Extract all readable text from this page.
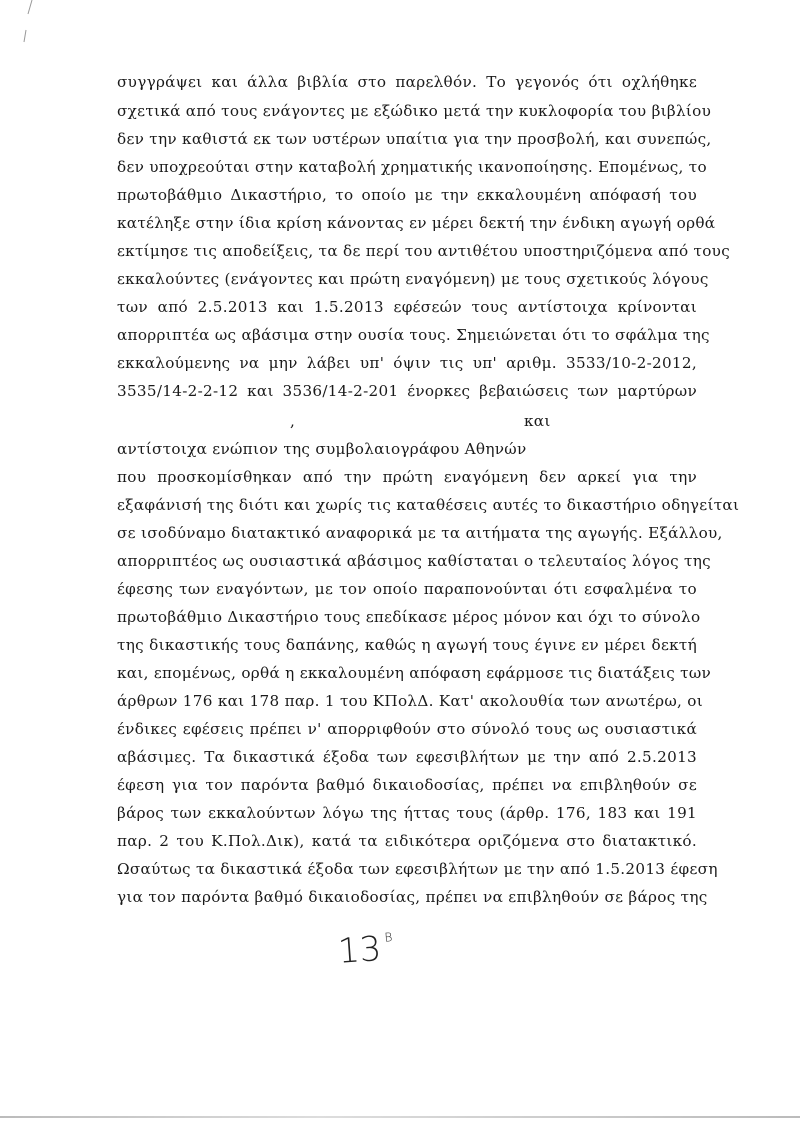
συγγράψει και άλλα βιβλία στο παρελθόν. Το γεγονός ότι οχλήθηκε
σχετικά από τους ενάγοντες με εξώδικο μετά την κυκλοφορία του βιβλίου
δεν την καθιστά εκ των υστέρων υπαίτια για την προσβολή, και συνεπώς,
δεν υποχρεούται στην καταβολή χρηματικής ικανοποίησης. Επομένως, το
πρωτοβάθμιο Δικαστήριο, το οποίο με την εκκαλουμένη απόφασή του
κατέληξε στην ίδια κρίση κάνοντας εν μέρει δεκτή την ένδικη αγωγή ορθά
εκτίμησε τις αποδείξεις, τα δε περί του αντιθέτου υποστηριζόμενα από τους
εκκαλούντες (ενάγοντες και πρώτη εναγόμενη) με τους σχετικούς λόγους
των από 2.5.2013 και 1.5.2013 εφέσεών τους αντίστοιχα κρίνονται
απορριπτέα ως αβάσιμα στην ουσία τους. Σημειώνεται ότι το σφάλμα της
εκκαλούμενης να μην λάβει υπ' όψιν τις υπ' αριθμ. 3533/10-2-2012,
3535/14-2-2-12 και 3536/14-2-201 ένορκες βεβαιώσεις των μαρτύρων
,	και
αντίστοιχα ενώπιον της συμβολαιογράφου Αθηνών
που προσκομίσθηκαν από την πρώτη εναγόμενη δεν αρκεί για την
εξαφάνισή της διότι και χωρίς τις καταθέσεις αυτές το δικαστήριο οδηγείται
σε ισοδύναμο διατακτικό αναφορικά με τα αιτήματα της αγωγής. Εξάλλου,
απορριπτέος ως ουσιαστικά αβάσιμος καθίσταται ο τελευταίος λόγος της
έφεσης των εναγόντων, με τον οποίο παραπονούνται ότι εσφαλμένα το
πρωτοβάθμιο Δικαστήριο τους επεδίκασε μέρος μόνον και όχι το σύνολο
της δικαστικής τους δαπάνης, καθώς η αγωγή τους έγινε εν μέρει δεκτή
και, επομένως, ορθά η εκκαλουμένη απόφαση εφάρμοσε τις διατάξεις των
άρθρων 176 και 178 παρ. 1 του ΚΠολΔ. Κατ' ακολουθία των ανωτέρω, οι
ένδικες εφέσεις πρέπει ν' απορριφθούν στο σύνολό τους ως ουσιαστικά
αβάσιμες. Τα δικαστικά έξοδα των εφεσιβλήτων με την από 2.5.2013
έφεση για τον παρόντα βαθμό δικαιοδοσίας, πρέπει να επιβληθούν σε
βάρος των εκκαλούντων λόγω της ήττας τους (άρθρ. 176, 183 και 191
παρ. 2 του Κ.Πολ.Δικ), κατά τα ειδικότερα οριζόμενα στο διατακτικό.
Ωσαύτως τα δικαστικά έξοδα των εφεσιβλήτων με την από 1.5.2013 έφεση
για τον παρόντα βαθμό δικαιοδοσίας, πρέπει να επιβληθούν σε βάρος της
$13^B$
